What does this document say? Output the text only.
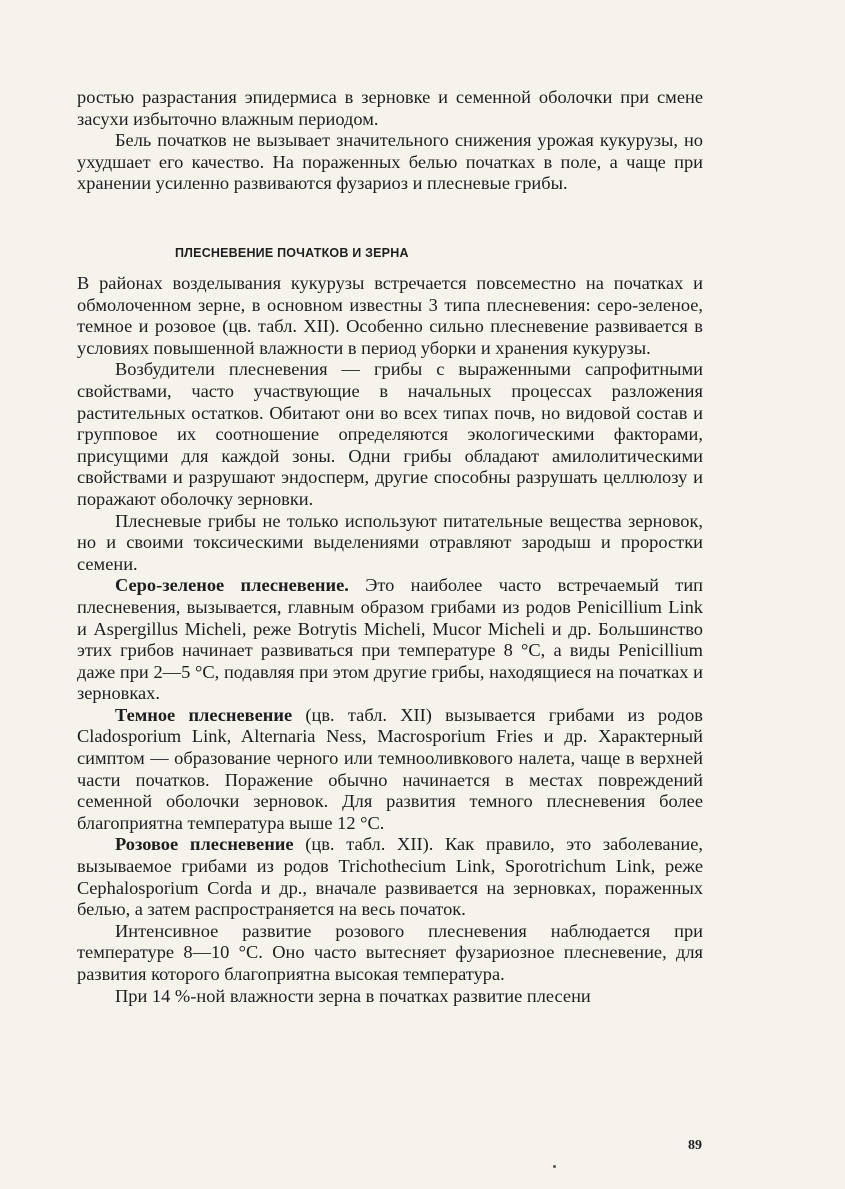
ростью разрастания эпидермиса в зерновке и семенной оболочки при смене засухи избыточно влажным периодом.

Бель початков не вызывает значительного снижения урожая кукурузы, но ухудшает его качество. На пораженных белью початках в поле, а чаще при хранении усиленно развиваются фузариоз и плесневые грибы.

ПЛЕСНЕВЕНИЕ ПОЧАТКОВ И ЗЕРНА

В районах возделывания кукурузы встречается повсеместно на початках и обмолоченном зерне, в основном известны 3 типа плесневения: серо-зеленое, темное и розовое (цв. табл. XII). Особенно сильно плесневение развивается в условиях повышенной влажности в период уборки и хранения кукурузы.

Возбудители плесневения — грибы с выраженными сапрофитными свойствами, часто участвующие в начальных процессах разложения растительных остатков. Обитают они во всех типах почв, но видовой состав и групповое их соотношение определяются экологическими факторами, присущими для каждой зоны. Одни грибы обладают амилолитическими свойствами и разрушают эндосперм, другие способны разрушать целлюлозу и поражают оболочку зерновки.

Плесневые грибы не только используют питательные вещества зерновок, но и своими токсическими выделениями отравляют зародыш и проростки семени.

Серо-зеленое плесневение. Это наиболее часто встречаемый тип плесневения, вызывается, главным образом грибами из родов Penicillium Link и Aspergillus Micheli, реже Botrytis Micheli, Mucor Micheli и др. Большинство этих грибов начинает развиваться при температуре 8 °С, а виды Penicillium даже при 2—5 °С, подавляя при этом другие грибы, находящиеся на початках и зерновках.

Темное плесневение (цв. табл. XII) вызывается грибами из родов Cladosporium Link, Alternaria Ness, Macrosporium Fries и др. Характерный симптом — образование черного или темнооливкового налета, чаще в верхней части початков. Поражение обычно начинается в местах повреждений семенной оболочки зерновок. Для развития темного плесневения более благоприятна температура выше 12 °С.

Розовое плесневение (цв. табл. XII). Как правило, это заболевание, вызываемое грибами из родов Trichothecium Link, Sporotrichum Link, реже Cephalosporium Corda и др., вначале развивается на зерновках, пораженных белью, а затем распространяется на весь початок.

Интенсивное развитие розового плесневения наблюдается при температуре 8—10 °С. Оно часто вытесняет фузариозное плесневение, для развития которого благоприятна высокая температура.

При 14 %-ной влажности зерна в початках развитие плесени

89
